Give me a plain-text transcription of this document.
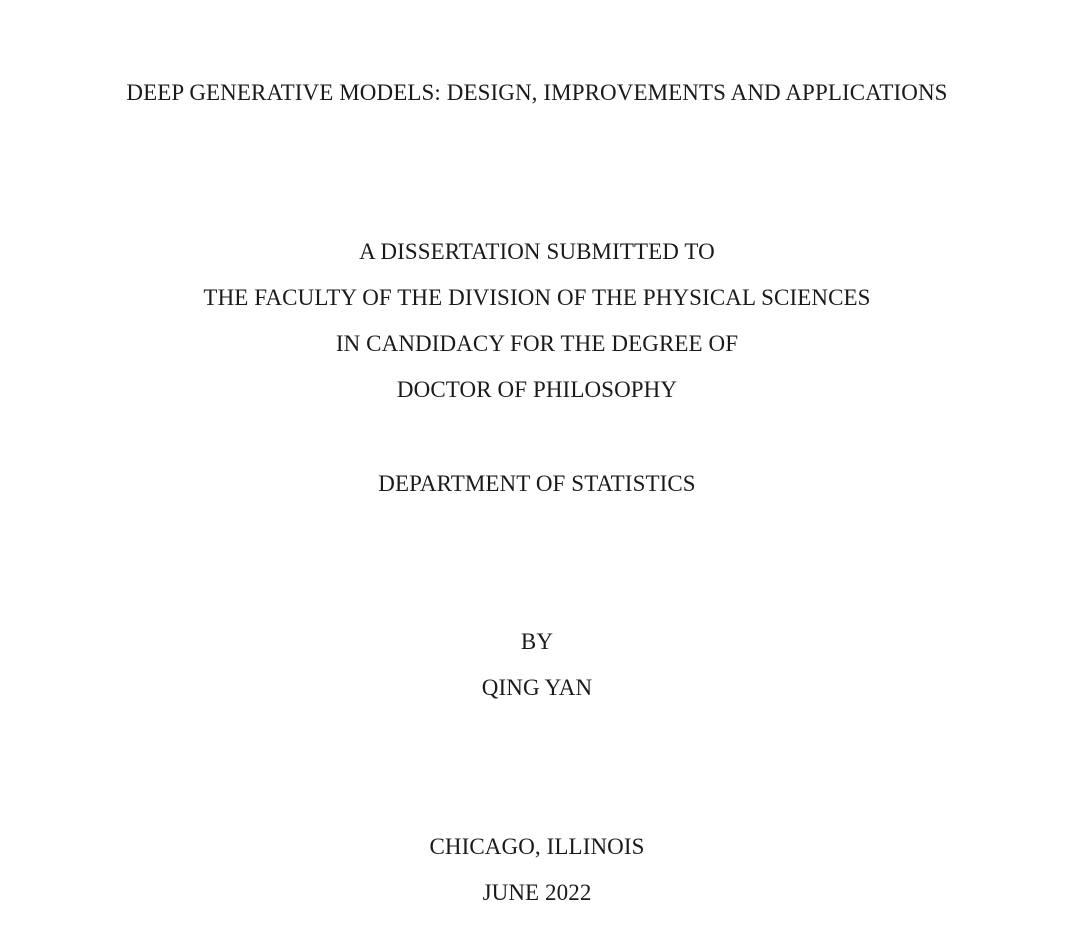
DEEP GENERATIVE MODELS: DESIGN, IMPROVEMENTS AND APPLICATIONS
A DISSERTATION SUBMITTED TO
THE FACULTY OF THE DIVISION OF THE PHYSICAL SCIENCES
IN CANDIDACY FOR THE DEGREE OF
DOCTOR OF PHILOSOPHY
DEPARTMENT OF STATISTICS
BY
QING YAN
CHICAGO, ILLINOIS
JUNE 2022
